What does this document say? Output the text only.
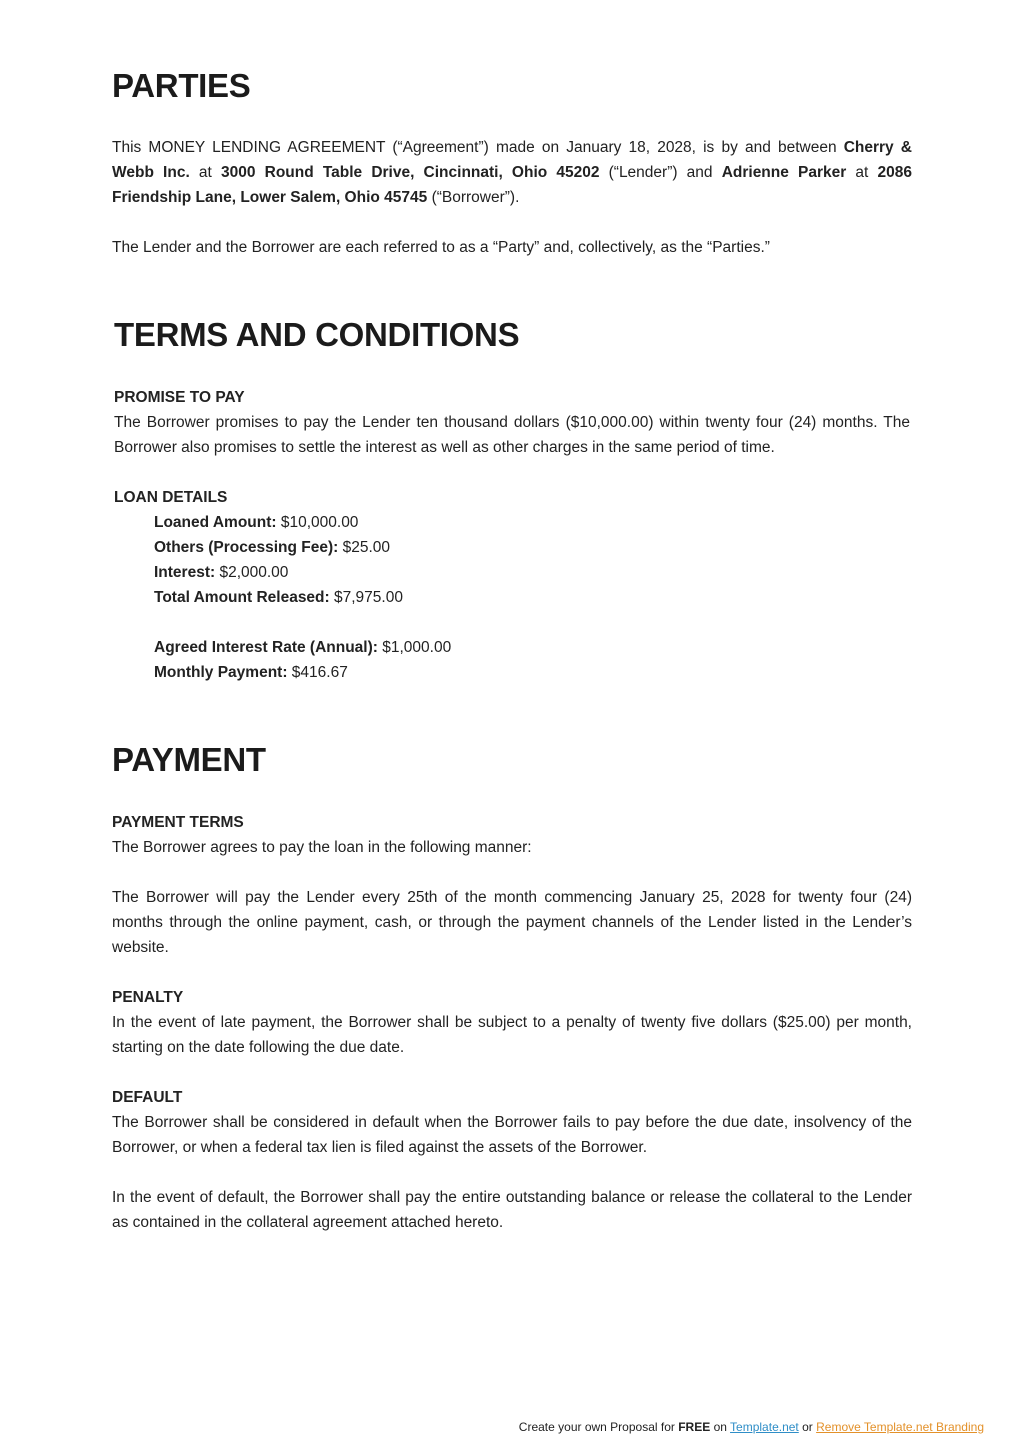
PARTIES
This MONEY LENDING AGREEMENT (“Agreement”) made on January 18, 2028, is by and between Cherry & Webb Inc. at 3000 Round Table Drive, Cincinnati, Ohio 45202 (“Lender”) and Adrienne Parker at 2086 Friendship Lane, Lower Salem, Ohio 45745 (“Borrower”).
The Lender and the Borrower are each referred to as a “Party” and, collectively, as the “Parties.”
TERMS AND CONDITIONS
PROMISE TO PAY
The Borrower promises to pay the Lender ten thousand dollars ($10,000.00) within twenty four (24) months. The Borrower also promises to settle the interest as well as other charges in the same period of time.
LOAN DETAILS
Loaned Amount: $10,000.00
Others (Processing Fee): $25.00
Interest: $2,000.00
Total Amount Released: $7,975.00
Agreed Interest Rate (Annual): $1,000.00
Monthly Payment: $416.67
PAYMENT
PAYMENT TERMS
The Borrower agrees to pay the loan in the following manner:
The Borrower will pay the Lender every 25th of the month commencing January 25, 2028 for twenty four (24) months through the online payment, cash, or through the payment channels of the Lender listed in the Lender’s website.
PENALTY
In the event of late payment, the Borrower shall be subject to a penalty of twenty five dollars ($25.00) per month, starting on the date following the due date.
DEFAULT
The Borrower shall be considered in default when the Borrower fails to pay before the due date, insolvency of the Borrower, or when a federal tax lien is filed against the assets of the Borrower.
In the event of default, the Borrower shall pay the entire outstanding balance or release the collateral to the Lender as contained in the collateral agreement attached hereto.
Create your own Proposal for FREE on Template.net or Remove Template.net Branding
